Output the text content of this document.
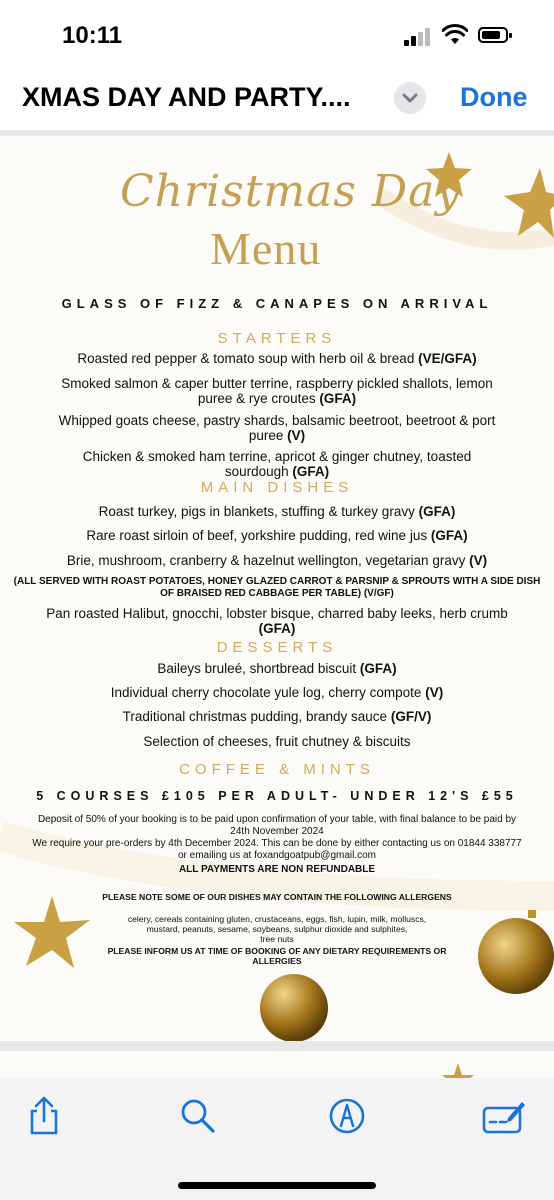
10:11
XMAS DAY AND PARTY....	Done
Christmas Day
Menu
GLASS OF FIZZ & CANAPES ON ARRIVAL
STARTERS
Roasted red pepper & tomato soup with herb oil & bread (VE/GFA)
Smoked salmon & caper butter terrine, raspberry pickled shallots, lemon
puree & rye croutes (GFA)
Whipped goats cheese, pastry shards, balsamic beetroot, beetroot & port
puree (V)
Chicken & smoked ham terrine, apricot & ginger chutney, toasted
sourdough (GFA)
MAIN DISHES
Roast turkey, pigs in blankets, stuffing & turkey gravy (GFA)
Rare roast sirloin of beef, yorkshire pudding, red wine jus (GFA)
Brie, mushroom, cranberry & hazelnut wellington, vegetarian gravy (V)
(ALL SERVED WITH ROAST POTATOES, HONEY GLAZED CARROT & PARSNIP & SPROUTS WITH A SIDE DISH
OF BRAISED RED CABBAGE PER TABLE) (V/GF)
Pan roasted Halibut, gnocchi, lobster bisque, charred baby leeks, herb crumb
(GFA)
DESSERTS
Baileys bruleé, shortbread biscuit (GFA)
Individual cherry chocolate yule log, cherry compote (V)
Traditional christmas pudding, brandy sauce (GF/V)
Selection of cheeses, fruit chutney & biscuits
COFFEE & MINTS
5 COURSES £105 PER ADULT- UNDER 12'S £55
Deposit of 50% of your booking is to be paid upon confirmation of your table, with final balance to be paid by
24th November 2024
We require your pre-orders by 4th December 2024. This can be done by either contacting us on 01844 338777
or emailing us at foxandgoatpub@gmail.com
ALL PAYMENTS ARE NON REFUNDABLE
PLEASE NOTE SOME OF OUR DISHES MAY CONTAIN THE FOLLOWING ALLERGENS
celery, cereals containing gluten, crustaceans, eggs, fish, lupin, milk, molluscs,
mustard, peanuts, sesame, soybeans, sulphur dioxide and sulphites,
tree nuts
PLEASE INFORM US AT TIME OF BOOKING OF ANY DIETARY REQUIREMENTS OR
ALLERGIES
